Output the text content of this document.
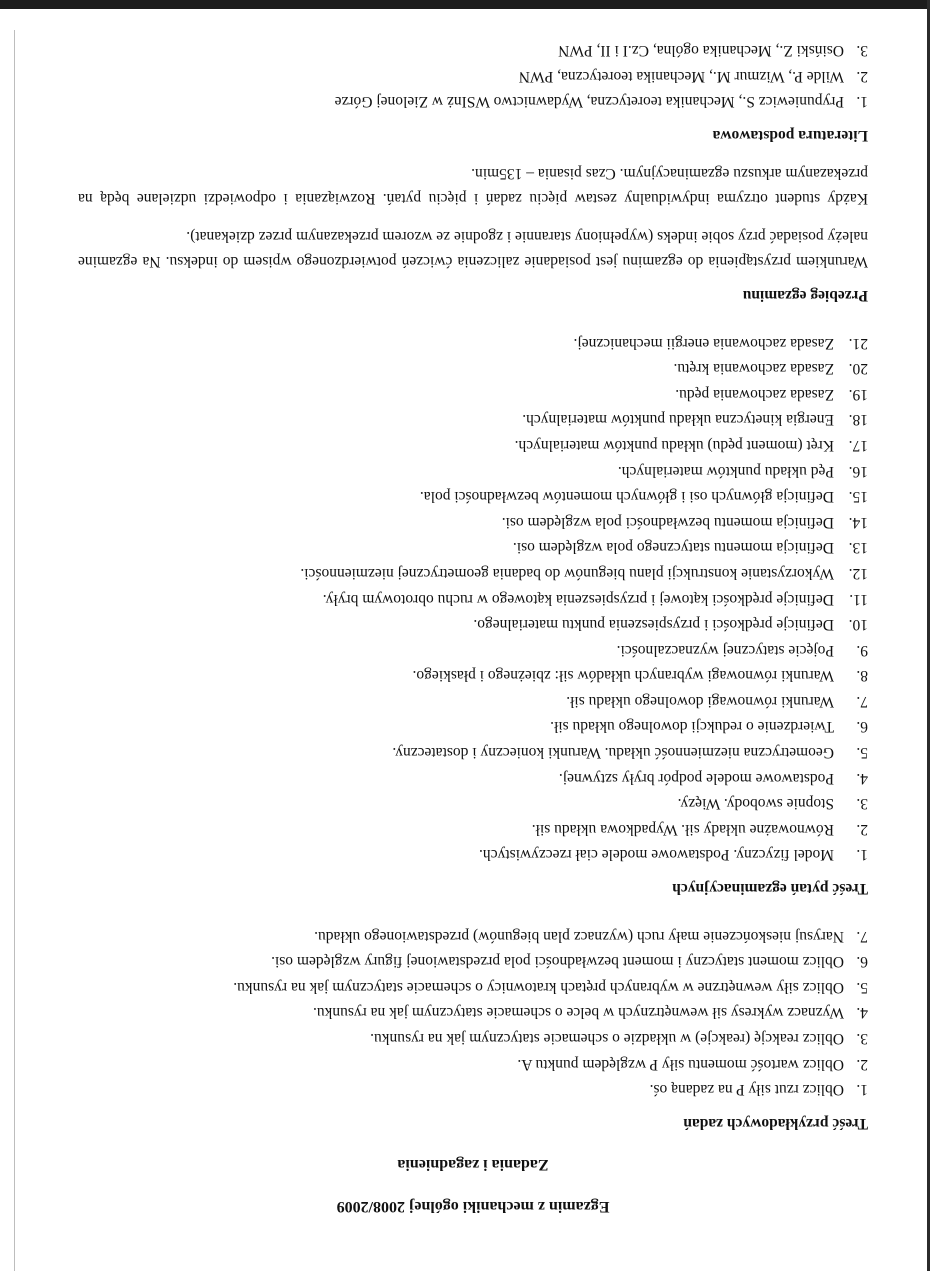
Egzamin z mechaniki ogólnej 2008/2009
Zadania i zagadnienia
Treść przykładowych zadań
1.
Oblicz rzut siły P na zadaną oś.
2.
Oblicz wartość momentu siły P względem punktu A.
3.
Oblicz reakcję (reakcje) w układzie o schemacie statycznym jak na rysunku.
4.
Wyznacz wykresy sił wewnętrznych w belce o schemacie statycznym jak na rysunku.
5.
Oblicz siły wewnętrzne w wybranych prętach kratownicy o schemacie statycznym jak na rysunku.
6.
Oblicz moment statyczny i moment bezwładności pola przedstawionej figury względem osi.
7.
Narysuj nieskończenie mały ruch (wyznacz plan biegunów) przedstawionego układu.
Treść pytań egzaminacyjnych
1.
Model fizyczny. Podstawowe modele ciał rzeczywistych.
2.
Równoważne układy sił. Wypadkowa układu sił.
3.
Stopnie swobody. Więzy.
4.
Podstawowe modele podpór bryły sztywnej.
5.
Geometryczna niezmienność układu. Warunki konieczny i dostateczny.
6.
Twierdzenie o redukcji dowolnego układu sił.
7.
Warunki równowagi dowolnego układu sił.
8.
Warunki równowagi wybranych układów sił: zbieżnego i płaskiego.
9.
Pojęcie statycznej wyznaczalności.
10.
Definicje prędkości i przyspieszenia punktu materialnego.
11.
Definicje prędkości kątowej i przyspieszenia kątowego w ruchu obrotowym bryły.
12.
Wykorzystanie konstrukcji planu biegunów do badania geometrycznej niezmienności.
13.
Definicja momentu statycznego pola względem osi.
14.
Definicja momentu bezwładności pola względem osi.
15.
Definicja głównych osi i głównych momentów bezwładności pola.
16.
Pęd układu punktów materialnych.
17.
Kręt (moment pędu) układu punktów materialnych.
18.
Energia kinetyczna układu punktów materialnych.
19.
Zasada zachowania pędu.
20.
Zasada zachowania krętu.
21.
Zasada zachowania energii mechanicznej.
Przebieg egzaminu

Warunkiem przystąpienia do egzaminu jest posiadanie zaliczenia ćwiczeń potwierdzonego wpisem do indeksu. Na egzamine należy posiadać przy sobie indeks (wypełniony starannie i zgodnie ze wzorem przekazanym przez dziekanat).

Każdy student otrzyma indywidualny zestaw pięciu zadań i pięciu pytań. Rozwiązania i odpowiedzi udzielane będą na przekazanym arkuszu egzaminacyjnym. Czas pisania – 135min.

Literatura podstawowa
1.
Prypuniewicz S., Mechanika teoretyczna, Wydawnictwo WSInż w Zielonej Górze
2.
Wilde P., Wizmur M., Mechanika teoretyczna, PWN
3.
Osiński Z., Mechanika ogólna, Cz.I i II, PWN
